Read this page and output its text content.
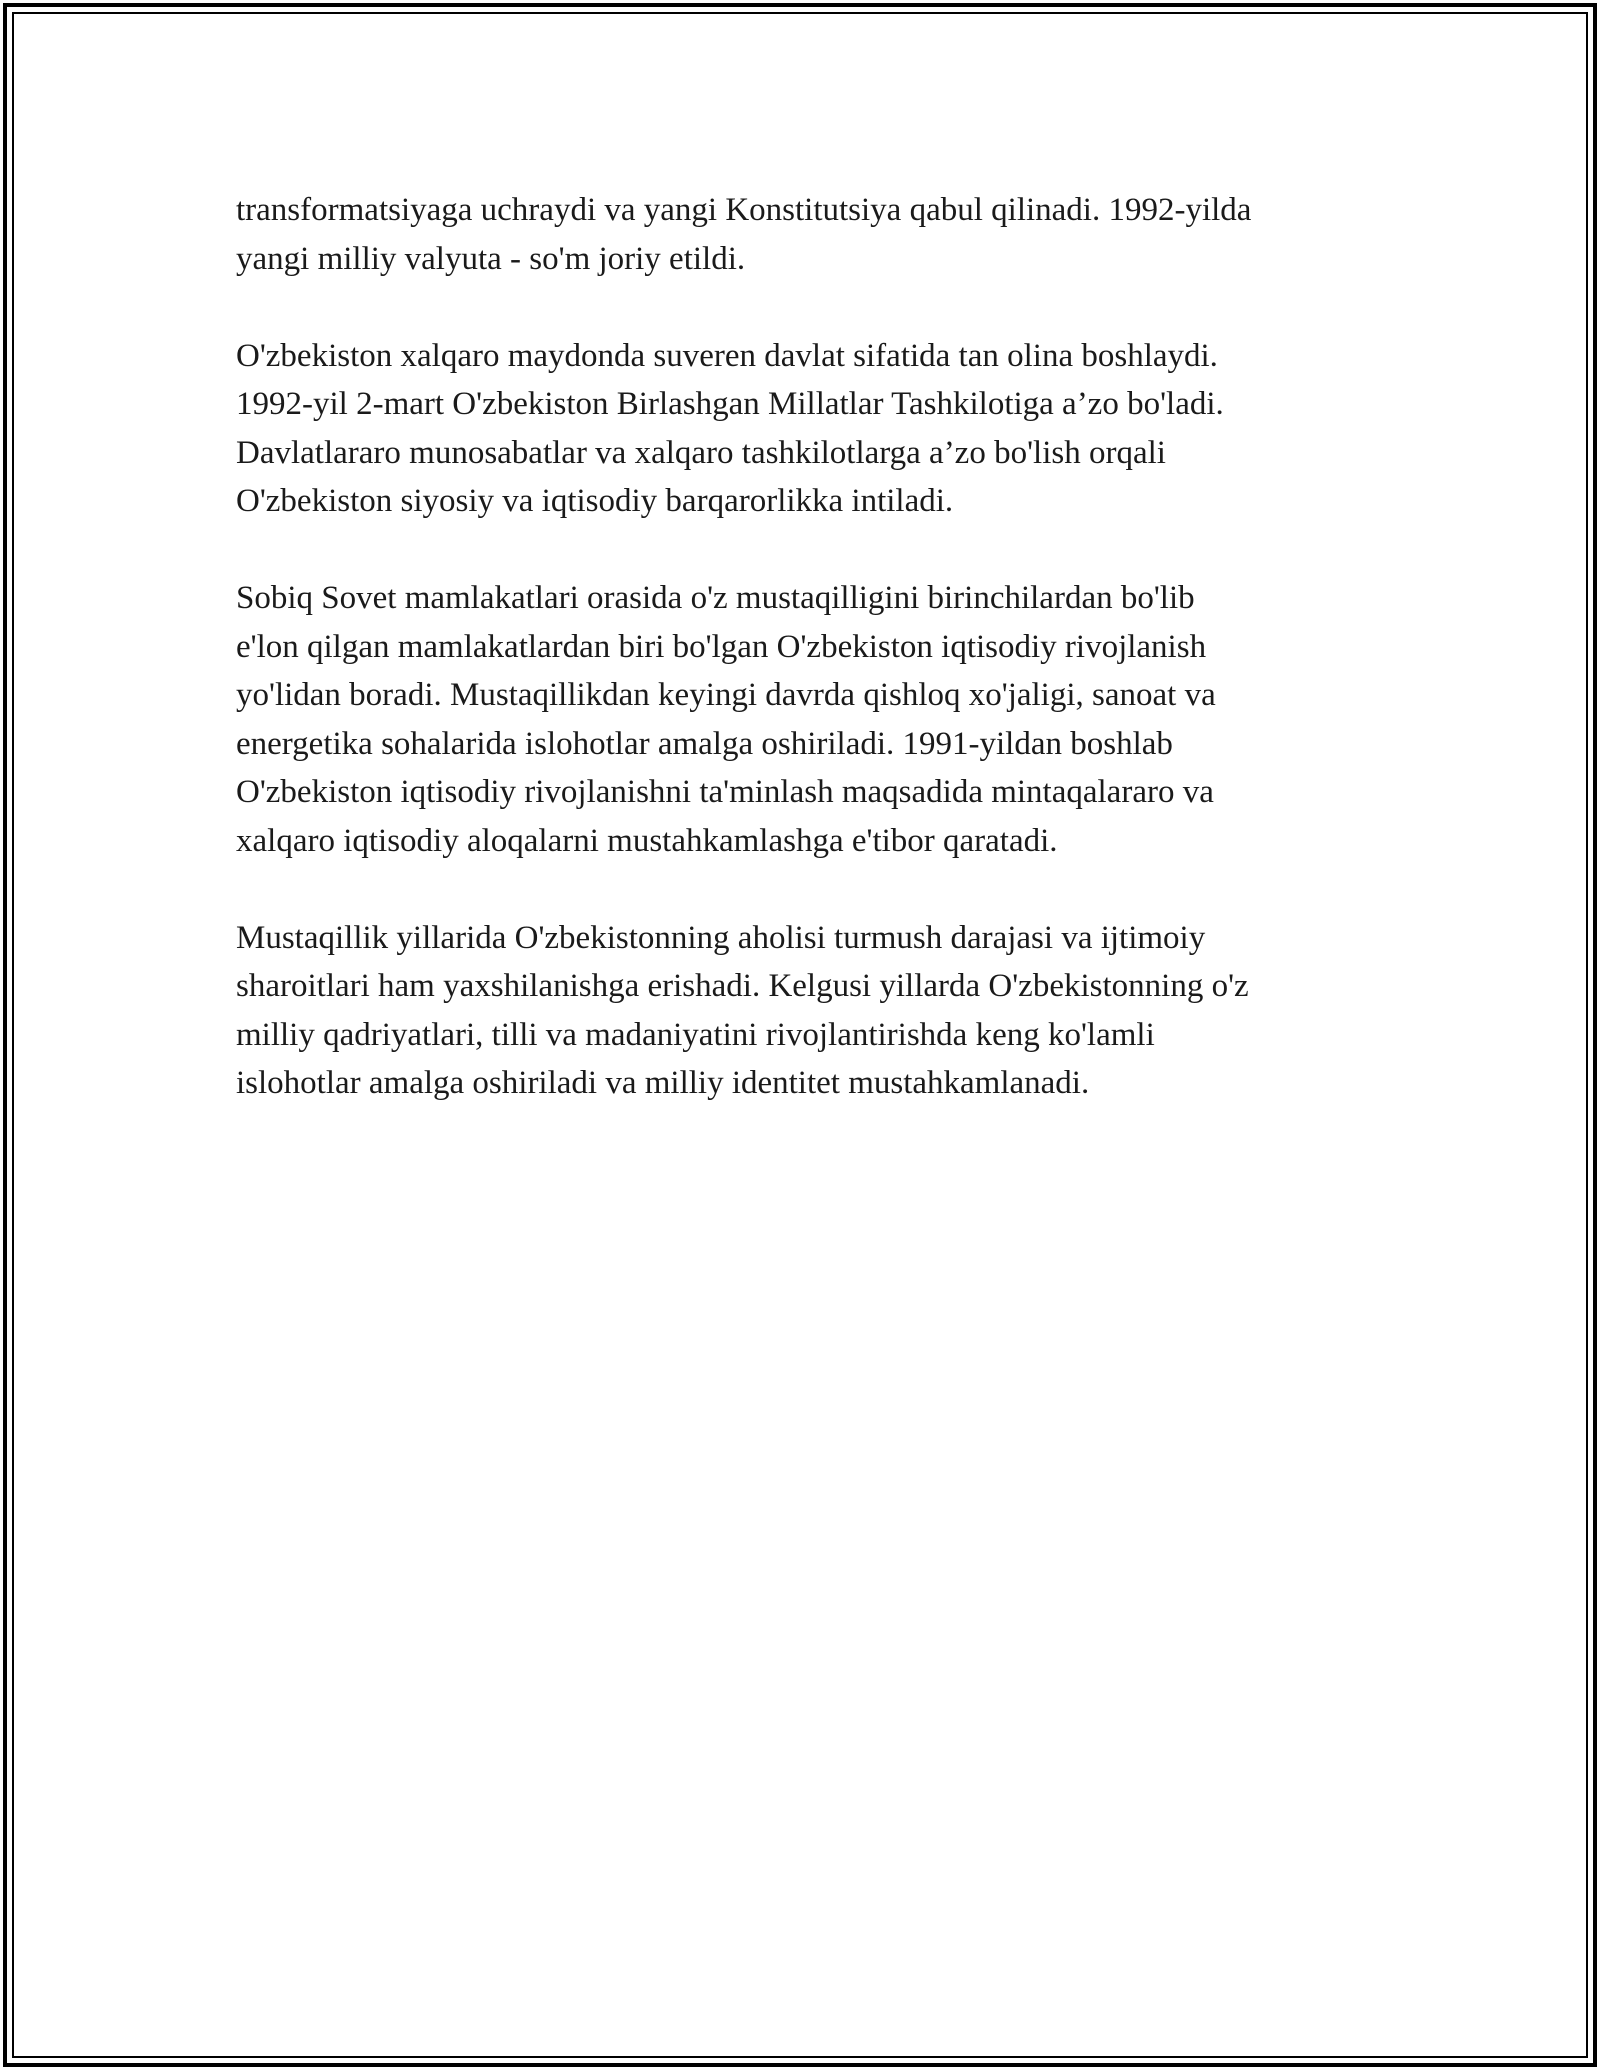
transformatsiyaga uchraydi va yangi Konstitutsiya qabul qilinadi. 1992-yilda
yangi milliy valyuta - so'm joriy etildi.

O'zbekiston xalqaro maydonda suveren davlat sifatida tan olina boshlaydi.
1992-yil 2-mart O'zbekiston Birlashgan Millatlar Tashkilotiga a’zo bo'ladi.
Davlatlararo munosabatlar va xalqaro tashkilotlarga a’zo bo'lish orqali
O'zbekiston siyosiy va iqtisodiy barqarorlikka intiladi.

Sobiq Sovet mamlakatlari orasida o'z mustaqilligini birinchilardan bo'lib
e'lon qilgan mamlakatlardan biri bo'lgan O'zbekiston iqtisodiy rivojlanish
yo'lidan boradi. Mustaqillikdan keyingi davrda qishloq xo'jaligi, sanoat va
energetika sohalarida islohotlar amalga oshiriladi. 1991-yildan boshlab
O'zbekiston iqtisodiy rivojlanishni ta'minlash maqsadida mintaqalararo va
xalqaro iqtisodiy aloqalarni mustahkamlashga e'tibor qaratadi.

Mustaqillik yillarida O'zbekistonning aholisi turmush darajasi va ijtimoiy
sharoitlari ham yaxshilanishga erishadi. Kelgusi yillarda O'zbekistonning o'z
milliy qadriyatlari, tilli va madaniyatini rivojlantirishda keng ko'lamli
islohotlar amalga oshiriladi va milliy identitet mustahkamlanadi.
